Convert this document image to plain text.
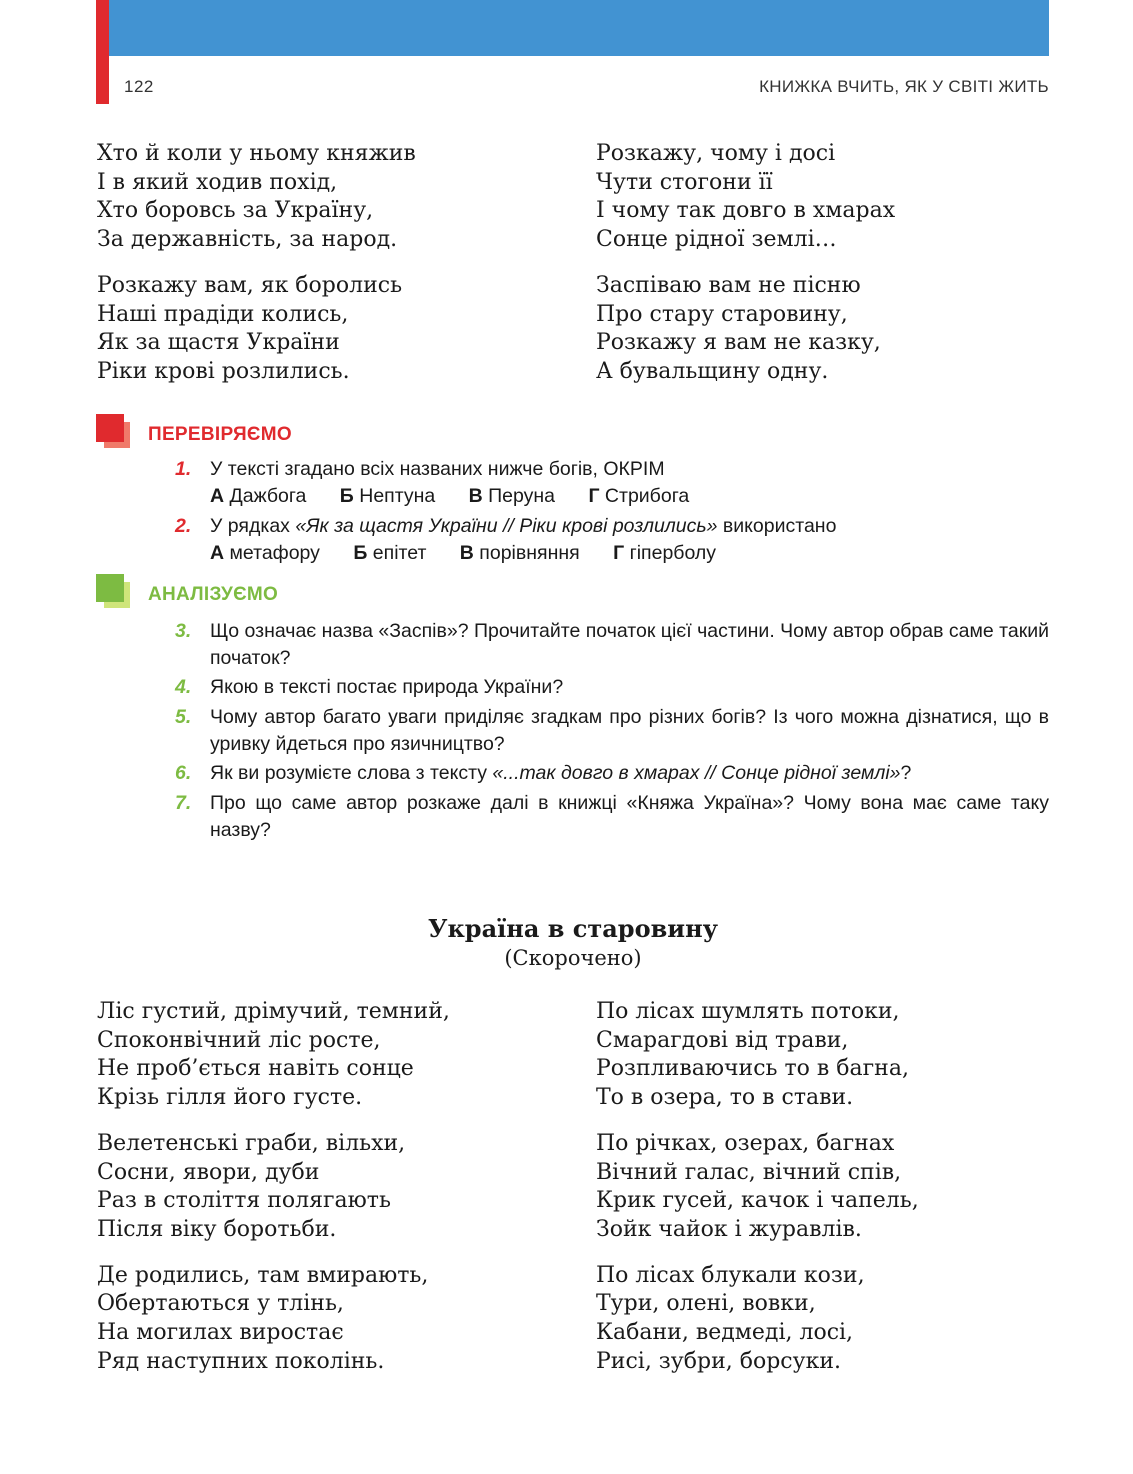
122	КНИЖКА ВЧИТЬ, ЯК У СВІТІ ЖИТЬ
Хто й коли у ньому княжив
І в який ходив похід,
Хто боровсь за Україну,
За державність, за народ.
Розкажу вам, як боролись
Наші прадіди колись,
Як за щастя України
Ріки крові розлились.
Розкажу, чому і досі
Чути стогони її
І чому так довго в хмарах
Сонце рідної землі…
Заспіваю вам не пісню
Про стару старовину,
Розкажу я вам не казку,
А бувальщину одну.
ПЕРЕВІРЯЄМО
1. У тексті згадано всіх названих нижче богів, ОКРІМ
А Дажбога Б Нептуна В Перуна Г Стрибога
2. У рядках «Як за щастя України // Ріки крові розлились» використано
А метафору Б епітет В порівняння Г гіперболу
АНАЛІЗУЄМО
3. Що означає назва «Заспів»? Прочитайте початок цієї частини. Чому автор обрав саме такий початок?
4. Якою в тексті постає природа України?
5. Чому автор багато уваги приділяє згадкам про різних богів? Із чого можна дізнатися, що в уривку йдеться про язичництво?
6. Як ви розумієте слова з тексту «...так довго в хмарах // Сонце рідної землі»?
7. Про що саме автор розкаже далі в книжці «Княжа Україна»? Чому вона має саме таку назву?
Україна в старовину
(Скорочено)
Ліс густий, дрімучий, темний,
Споконвічний ліс росте,
Не проб’ється навіть сонце
Крізь гілля його густе.
Велетенські граби, вільхи,
Сосни, явори, дуби
Раз в століття полягають
Після віку боротьби.
Де родились, там вмирають,
Обертаються у тлінь,
На могилах виростає
Ряд наступних поколінь.
По лісах шумлять потоки,
Смарагдові від трави,
Розпливаючись то в багна,
То в озера, то в стави.
По річках, озерах, багнах
Вічний галас, вічний спів,
Крик гусей, качок і чапель,
Зойк чайок і журавлів.
По лісах блукали кози,
Тури, олені, вовки,
Кабани, ведмеді, лосі,
Рисі, зубри, борсуки.
